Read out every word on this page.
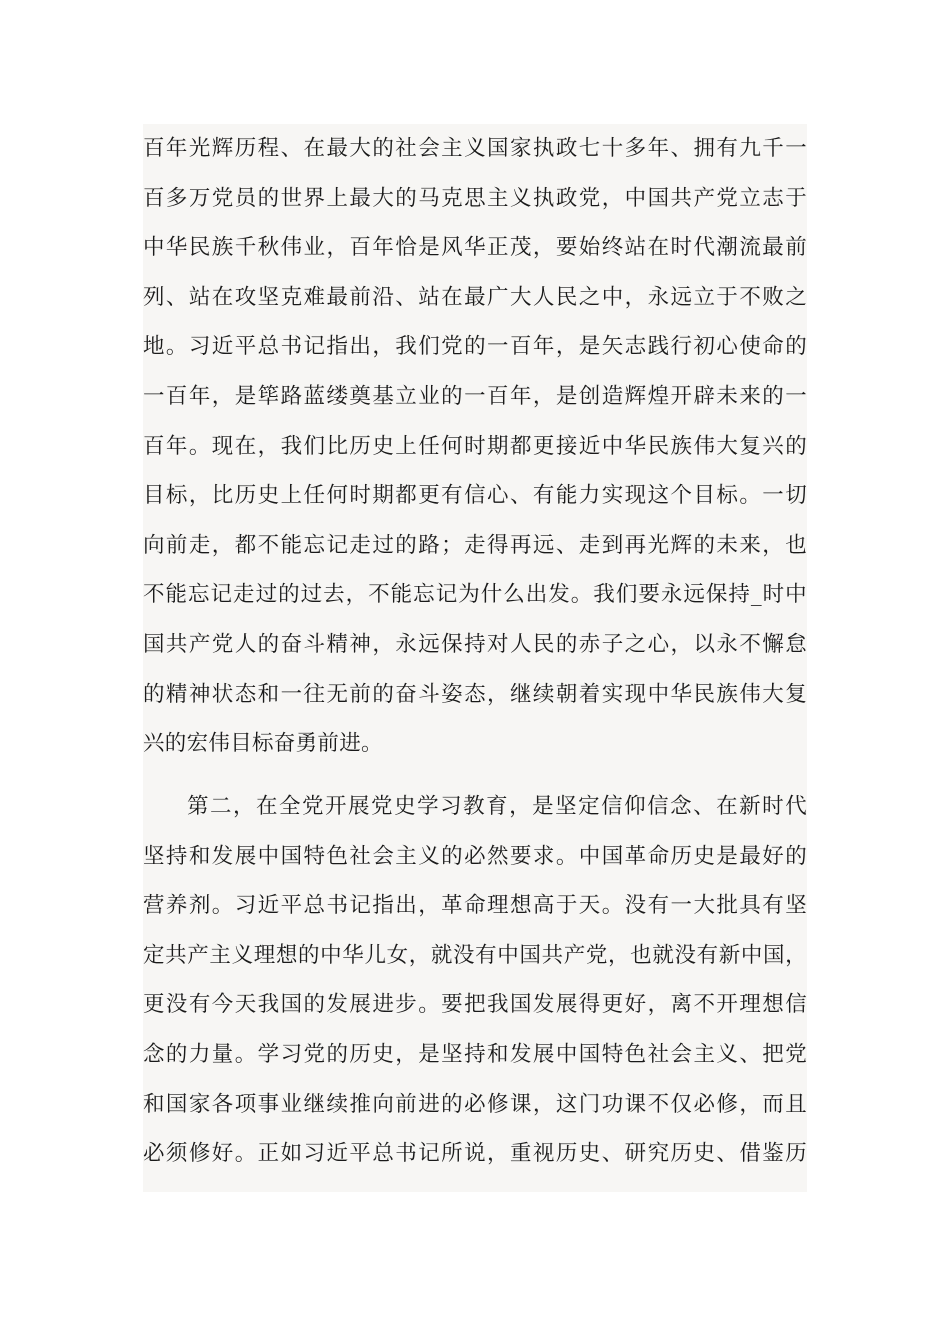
百年光辉历程、在最大的社会主义国家执政七十多年、拥有九千一
百多万党员的世界上最大的马克思主义执政党，中国共产党立志于
中华民族千秋伟业，百年恰是风华正茂，要始终站在时代潮流最前
列、站在攻坚克难最前沿、站在最广大人民之中，永远立于不败之
地。习近平总书记指出，我们党的一百年，是矢志践行初心使命的
一百年，是筚路蓝缕奠基立业的一百年，是创造辉煌开辟未来的一
百年。现在，我们比历史上任何时期都更接近中华民族伟大复兴的
目标，比历史上任何时期都更有信心、有能力实现这个目标。一切
向前走，都不能忘记走过的路；走得再远、走到再光辉的未来，也
不能忘记走过的过去，不能忘记为什么出发。我们要永远保持_时中
国共产党人的奋斗精神，永远保持对人民的赤子之心，以永不懈怠
的精神状态和一往无前的奋斗姿态，继续朝着实现中华民族伟大复
兴的宏伟目标奋勇前进。
第二，在全党开展党史学习教育，是坚定信仰信念、在新时代
坚持和发展中国特色社会主义的必然要求。中国革命历史是最好的
营养剂。习近平总书记指出，革命理想高于天。没有一大批具有坚
定共产主义理想的中华儿女，就没有中国共产党，也就没有新中国，
更没有今天我国的发展进步。要把我国发展得更好，离不开理想信
念的力量。学习党的历史，是坚持和发展中国特色社会主义、把党
和国家各项事业继续推向前进的必修课，这门功课不仅必修，而且
必须修好。正如习近平总书记所说，重视历史、研究历史、借鉴历
